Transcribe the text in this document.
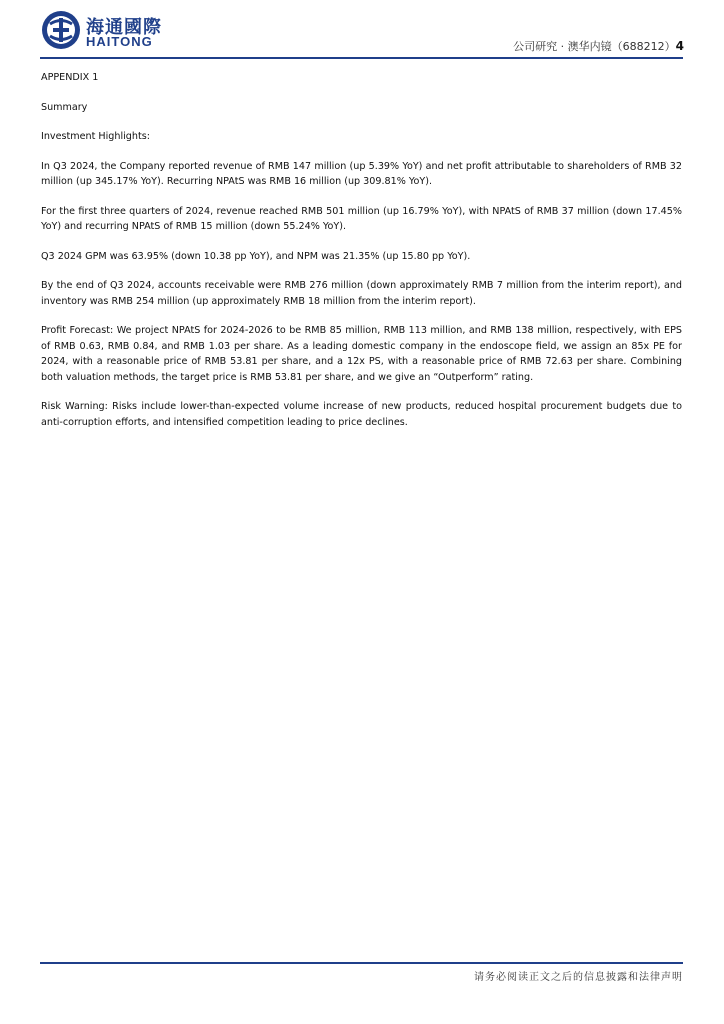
海通國際
HAITONG	公司研究 · 澳华内镜（688212）4

APPENDIX 1

Summary

Investment Highlights:

In Q3 2024, the Company reported revenue of RMB 147 million (up 5.39% YoY) and net profit attributable to shareholders of RMB 32 million (up 345.17% YoY). Recurring NPAtS was RMB 16 million (up 309.81% YoY).

For the first three quarters of 2024, revenue reached RMB 501 million (up 16.79% YoY), with NPAtS of RMB 37 million (down 17.45% YoY) and recurring NPAtS of RMB 15 million (down 55.24% YoY).

Q3 2024 GPM was 63.95% (down 10.38 pp YoY), and NPM was 21.35% (up 15.80 pp YoY).

By the end of Q3 2024, accounts receivable were RMB 276 million (down approximately RMB 7 million from the interim report), and inventory was RMB 254 million (up approximately RMB 18 million from the interim report).

Profit Forecast: We project NPAtS for 2024-2026 to be RMB 85 million, RMB 113 million, and RMB 138 million, respectively, with EPS of RMB 0.63, RMB 0.84, and RMB 1.03 per share. As a leading domestic company in the endoscope field, we assign an 85x PE for 2024, with a reasonable price of RMB 53.81 per share, and a 12x PS, with a reasonable price of RMB 72.63 per share. Combining both valuation methods, the target price is RMB 53.81 per share, and we give an “Outperform” rating.

Risk Warning: Risks include lower-than-expected volume increase of new products, reduced hospital procurement budgets due to anti-corruption efforts, and intensified competition leading to price declines.

请务必阅读正文之后的信息披露和法律声明
